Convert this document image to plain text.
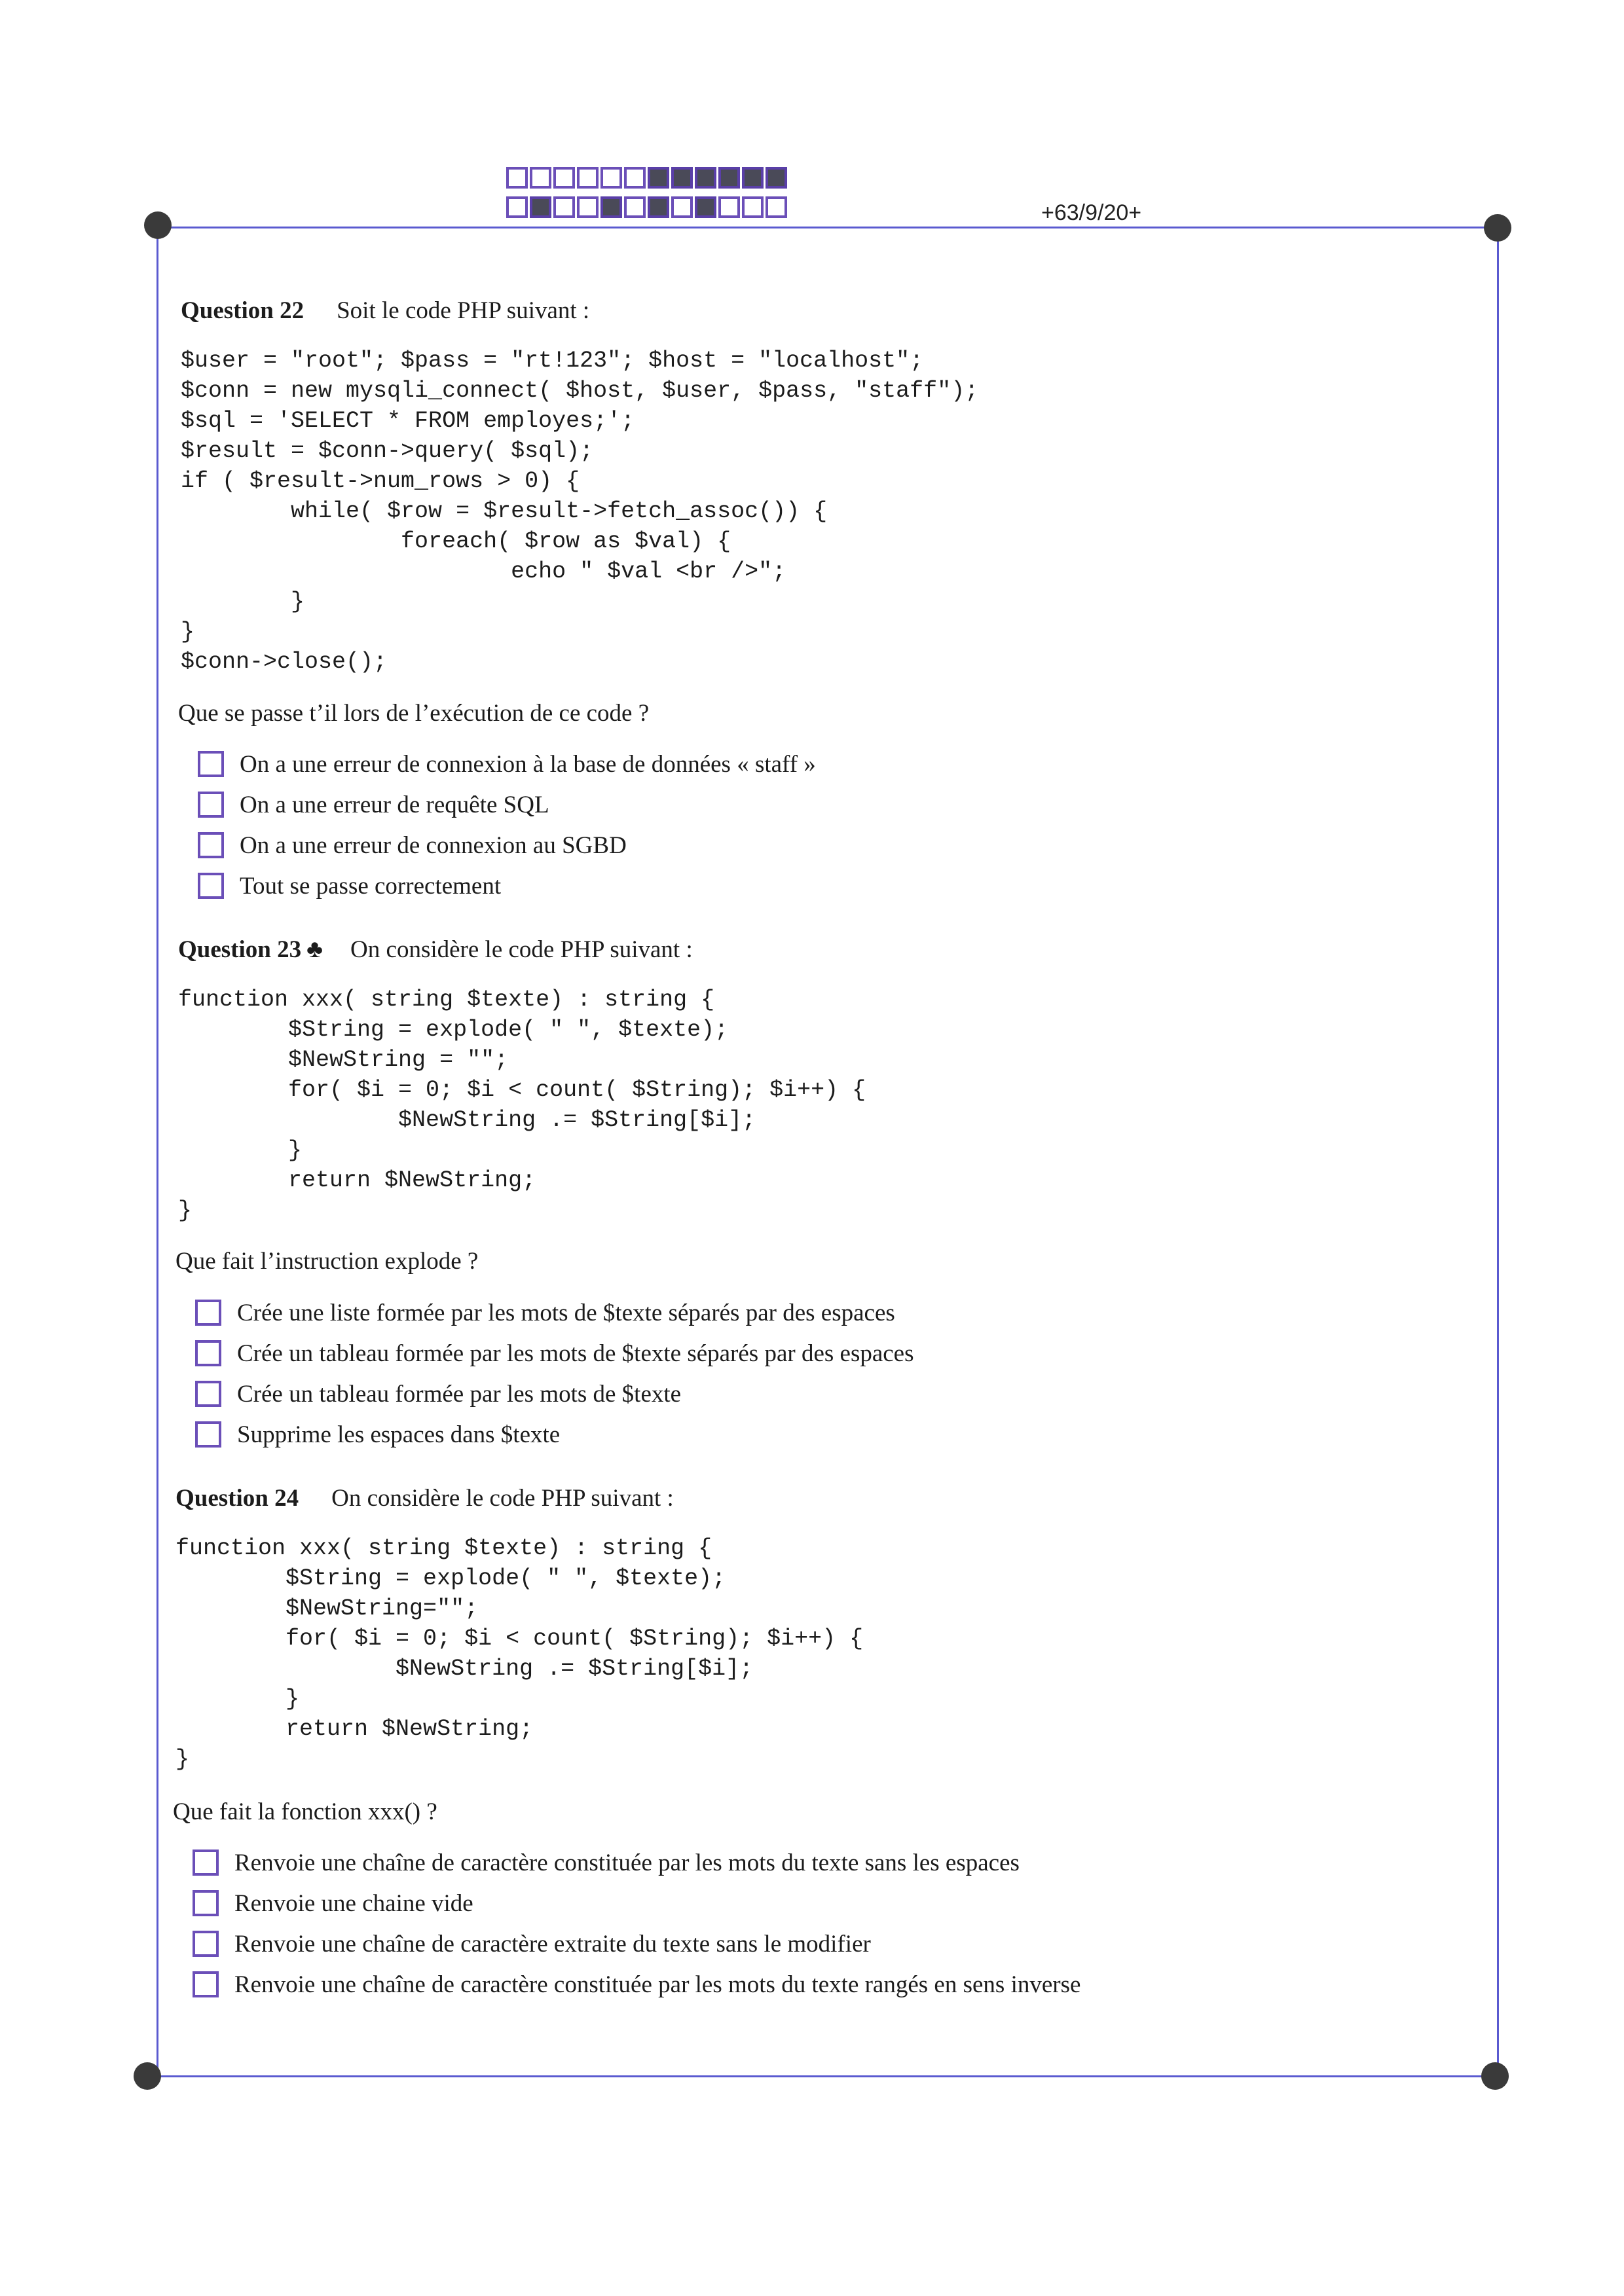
+63/9/20+
Question 22 Soit le code PHP suivant :
$user = "root"; $pass = "rt!123"; $host = "localhost";
$conn = new mysqli_connect( $host, $user, $pass, "staff");
$sql = 'SELECT * FROM employes;';
$result = $conn->query( $sql);
if ( $result->num_rows > 0) {
while( $row = $result->fetch_assoc()) {
foreach( $row as $val) {
echo " $val <br />";
}
}
$conn->close();
Que se passe t’il lors de l’exécution de ce code ?
On a une erreur de connexion à la base de données « staff »
On a une erreur de requête SQL
On a une erreur de connexion au SGBD
Tout se passe correctement
Question 23 ♣ On considère le code PHP suivant :
function xxx( string $texte) : string {
$String = explode( " ", $texte);
$NewString = "";
for( $i = 0; $i < count( $String); $i++) {
$NewString .= $String[$i];
}
return $NewString;
}
Que fait l’instruction explode ?
Crée une liste formée par les mots de $texte séparés par des espaces
Crée un tableau formée par les mots de $texte séparés par des espaces
Crée un tableau formée par les mots de $texte
Supprime les espaces dans $texte
Question 24 On considère le code PHP suivant :
function xxx( string $texte) : string {
$String = explode( " ", $texte);
$NewString="";
for( $i = 0; $i < count( $String); $i++) {
$NewString .= $String[$i];
}
return $NewString;
}
Que fait la fonction xxx() ?
Renvoie une chaîne de caractère constituée par les mots du texte sans les espaces
Renvoie une chaine vide
Renvoie une chaîne de caractère extraite du texte sans le modifier
Renvoie une chaîne de caractère constituée par les mots du texte rangés en sens inverse
